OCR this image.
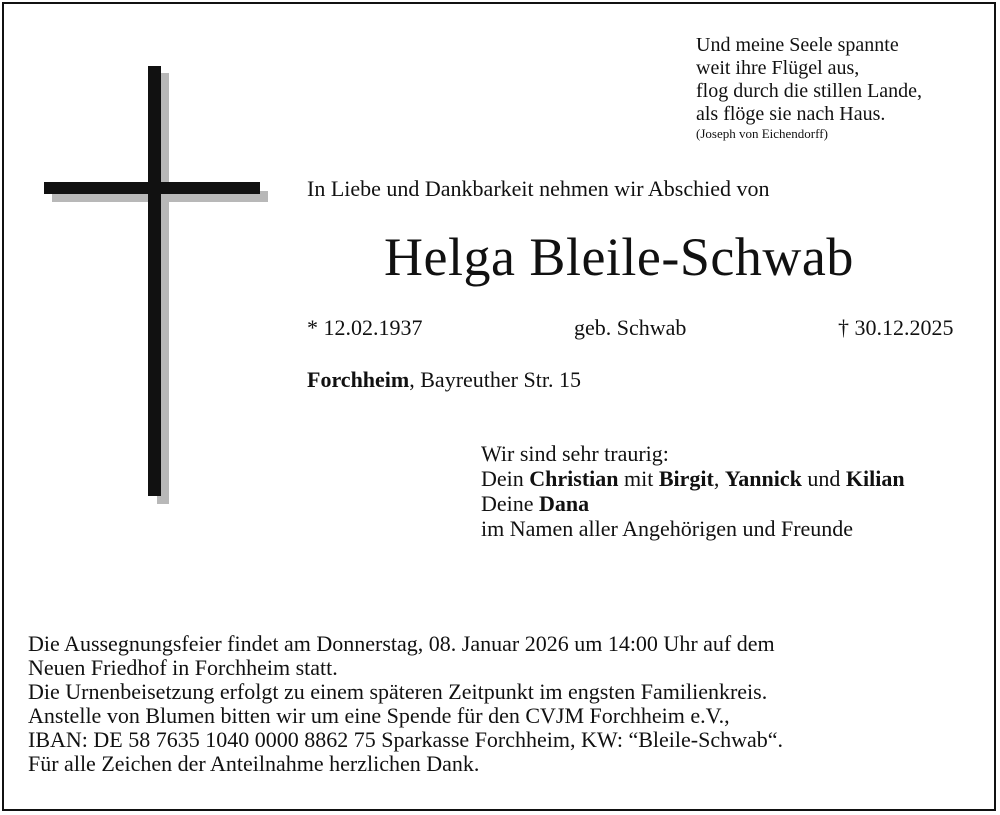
Und meine Seele spannte
weit ihre Flügel aus,
flog durch die stillen Lande,
als flöge sie nach Haus.
(Joseph von Eichendorff)
In Liebe und Dankbarkeit nehmen wir Abschied von
Helga Bleile-Schwab
* 12.02.1937	geb. Schwab	† 30.12.2025
Forchheim, Bayreuther Str. 15
Wir sind sehr traurig:
Dein Christian mit Birgit, Yannick und Kilian
Deine Dana
im Namen aller Angehörigen und Freunde
Die Aussegnungsfeier findet am Donnerstag, 08. Januar 2026 um 14:00 Uhr auf dem
Neuen Friedhof in Forchheim statt.
Die Urnenbeisetzung erfolgt zu einem späteren Zeitpunkt im engsten Familienkreis.
Anstelle von Blumen bitten wir um eine Spende für den CVJM Forchheim e.V.,
IBAN: DE 58 7635 1040 0000 8862 75 Sparkasse Forchheim, KW: “Bleile-Schwab“.
Für alle Zeichen der Anteilnahme herzlichen Dank.
